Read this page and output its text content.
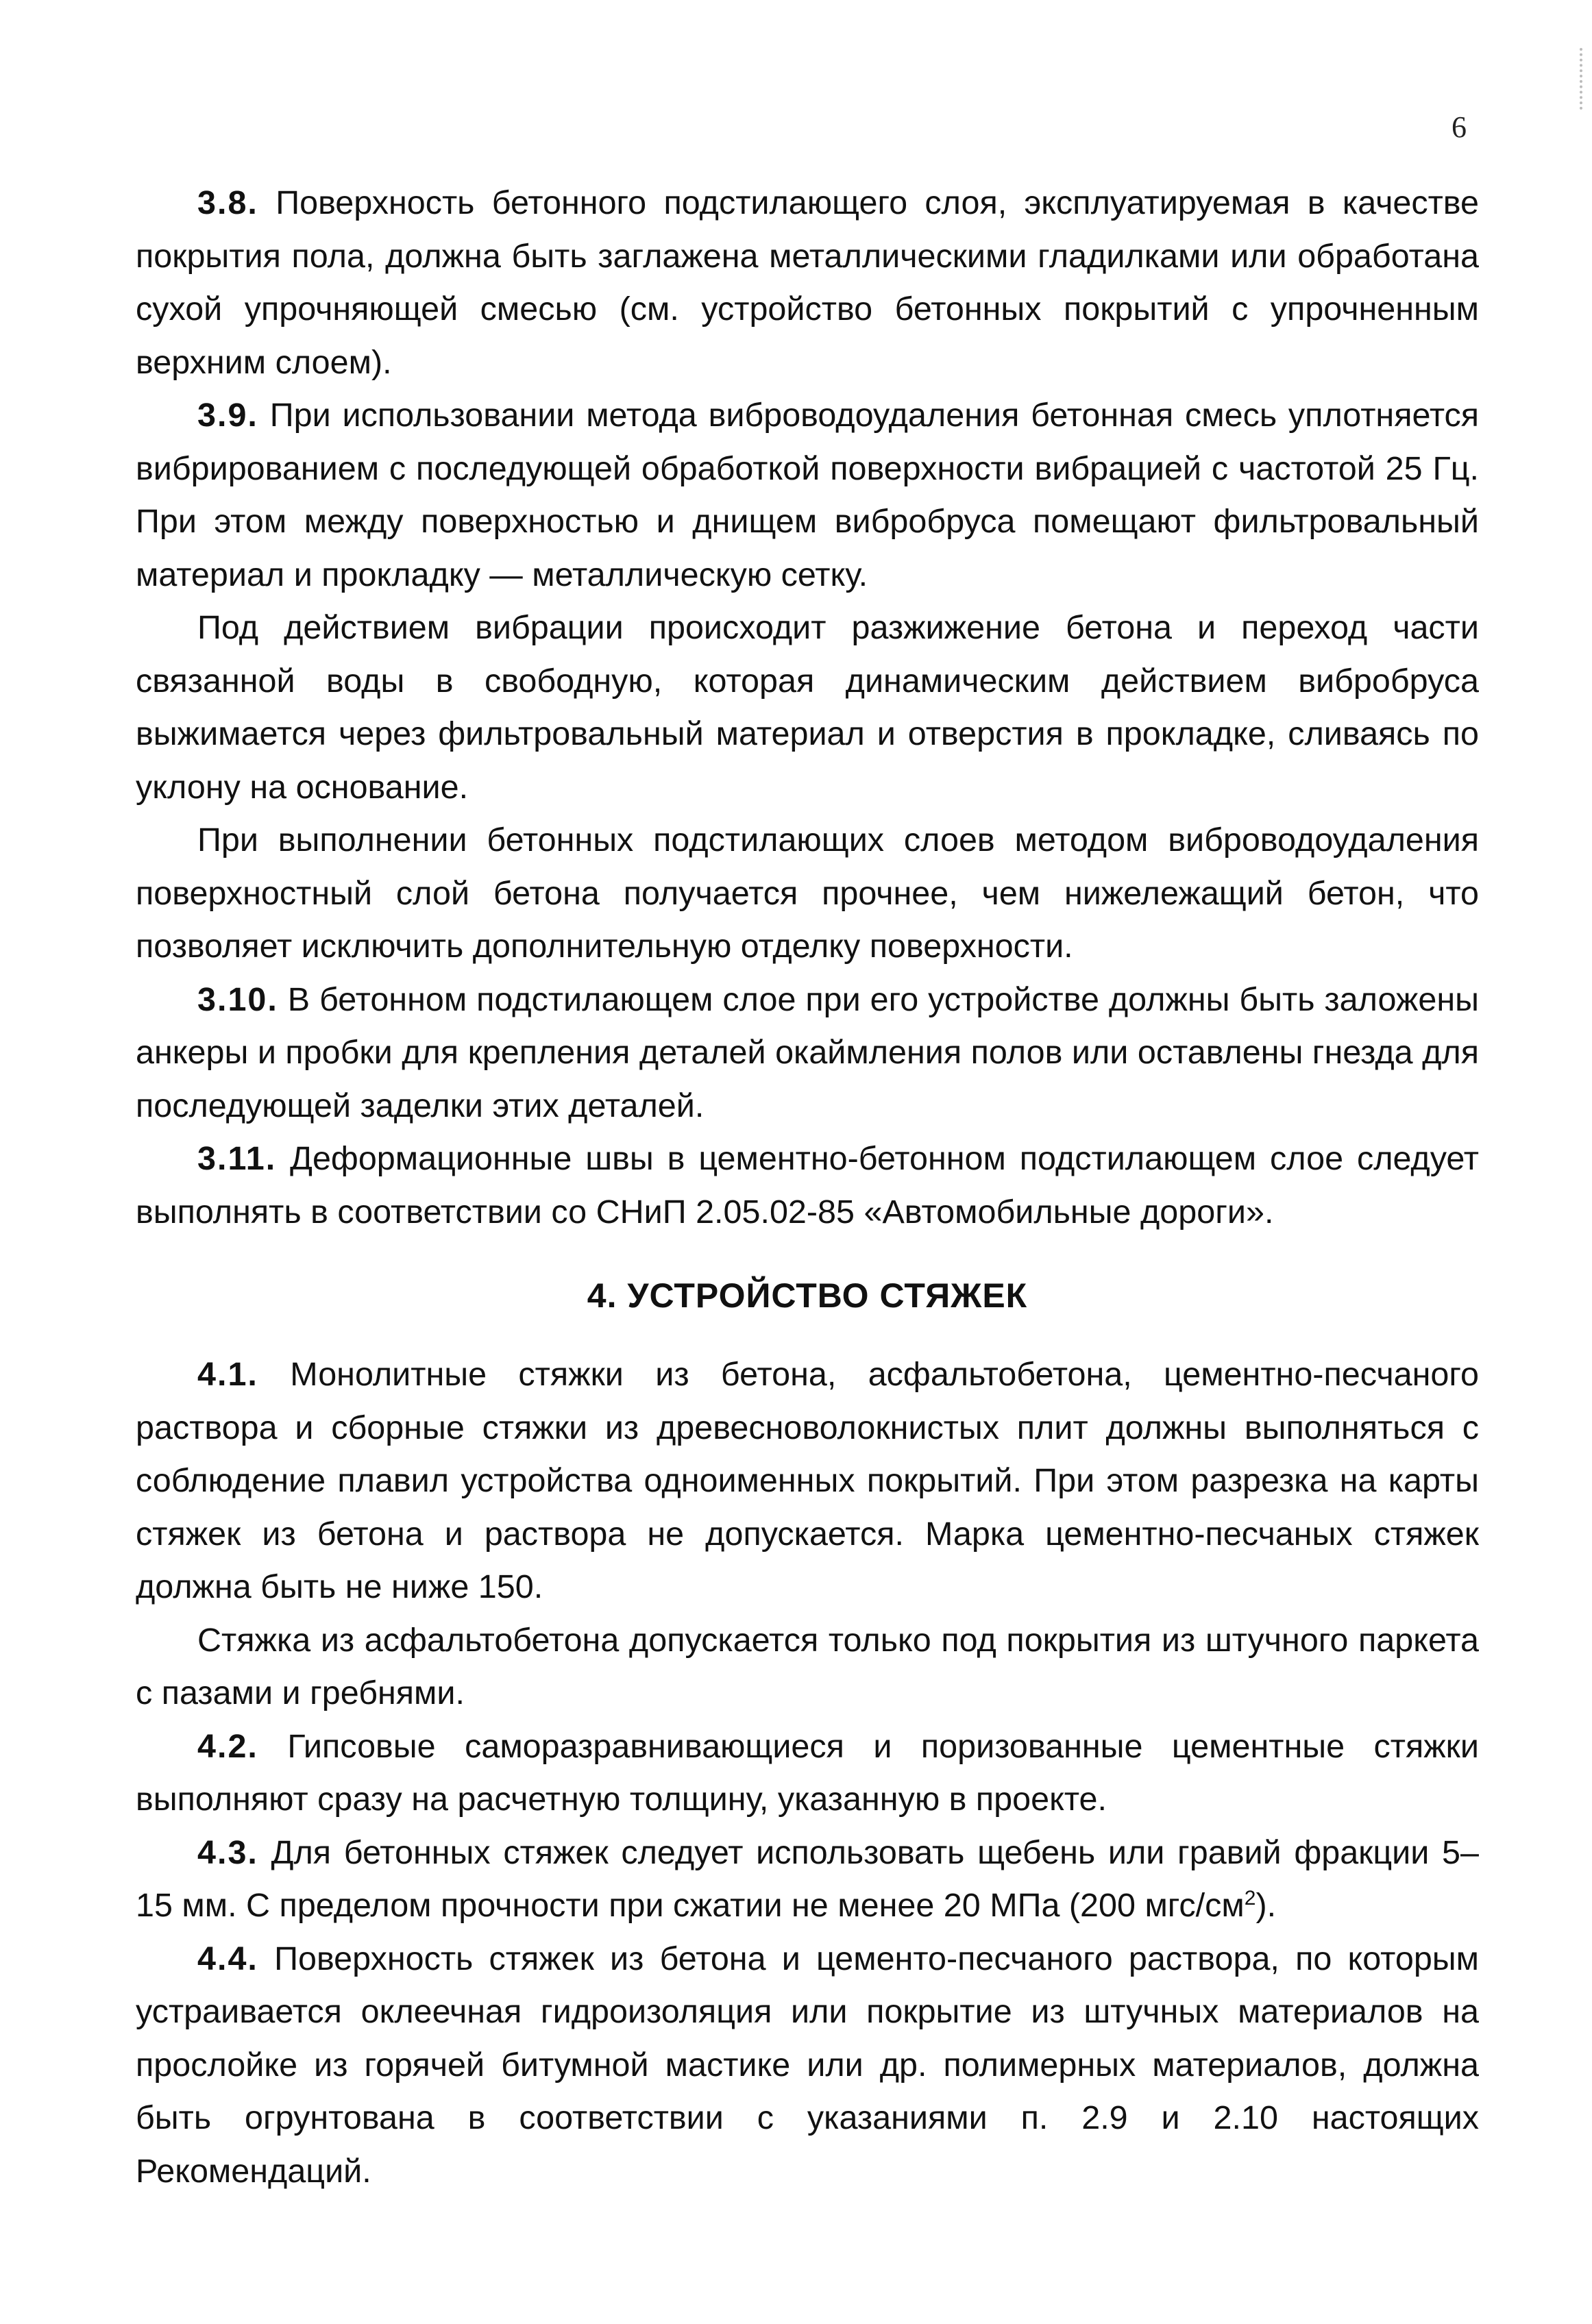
6

3.8. Поверхность бетонного подстилающего слоя, эксплуатируемая в качестве покрытия пола, должна быть заглажена металлическими гладилками или обработана сухой упрочняющей смесью (см. устройство бетонных покрытий с упрочненным верхним слоем).

3.9. При использовании метода виброводоудаления бетонная смесь уплотняется вибрированием с последующей обработкой поверхности вибрацией с частотой 25 Гц. При этом между поверхностью и днищем вибробруса помещают фильтровальный материал и прокладку — металлическую сетку.

Под действием вибрации происходит разжижение бетона и переход части связанной воды в свободную, которая динамическим действием вибробруса выжимается через фильтровальный материал и отверстия в прокладке, сливаясь по уклону на основание.

При выполнении бетонных подстилающих слоев методом виброводоудаления поверхностный слой бетона получается прочнее, чем нижележащий бетон, что позволяет исключить дополнительную отделку поверхности.

3.10. В бетонном подстилающем слое при его устройстве должны быть заложены анкеры и пробки для крепления деталей окаймления полов или оставлены гнезда для последующей заделки этих деталей.

3.11. Деформационные швы в цементно-бетонном подстилающем слое следует выполнять в соответствии со СНиП 2.05.02-85 «Автомобильные дороги».

4. УСТРОЙСТВО СТЯЖЕК

4.1. Монолитные стяжки из бетона, асфальтобетона, цементно-песчаного раствора и сборные стяжки из древесноволокнистых плит должны выполняться с соблюдение плавил устройства одноименных покрытий. При этом разрезка на карты стяжек из бетона и раствора не допускается. Марка цементно-песчаных стяжек должна быть не ниже 150.

Стяжка из асфальтобетона допускается только под покрытия из штучного паркета с пазами и гребнями.

4.2. Гипсовые саморазравнивающиеся и поризованные цементные стяжки выполняют сразу на расчетную толщину, указанную в проекте.

4.3. Для бетонных стяжек следует использовать щебень или гравий фракции 5–15 мм. С пределом прочности при сжатии не менее 20 МПа (200 мгс/$см^2$).

4.4. Поверхность стяжек из бетона и цементо-песчаного раствора, по которым устраивается оклеечная гидроизоляция или покрытие из штучных материалов на прослойке из горячей битумной мастике или др. полимерных материалов, должна быть огрунтована в соответствии с указаниями п. 2.9 и 2.10 настоящих Рекомендаций.
